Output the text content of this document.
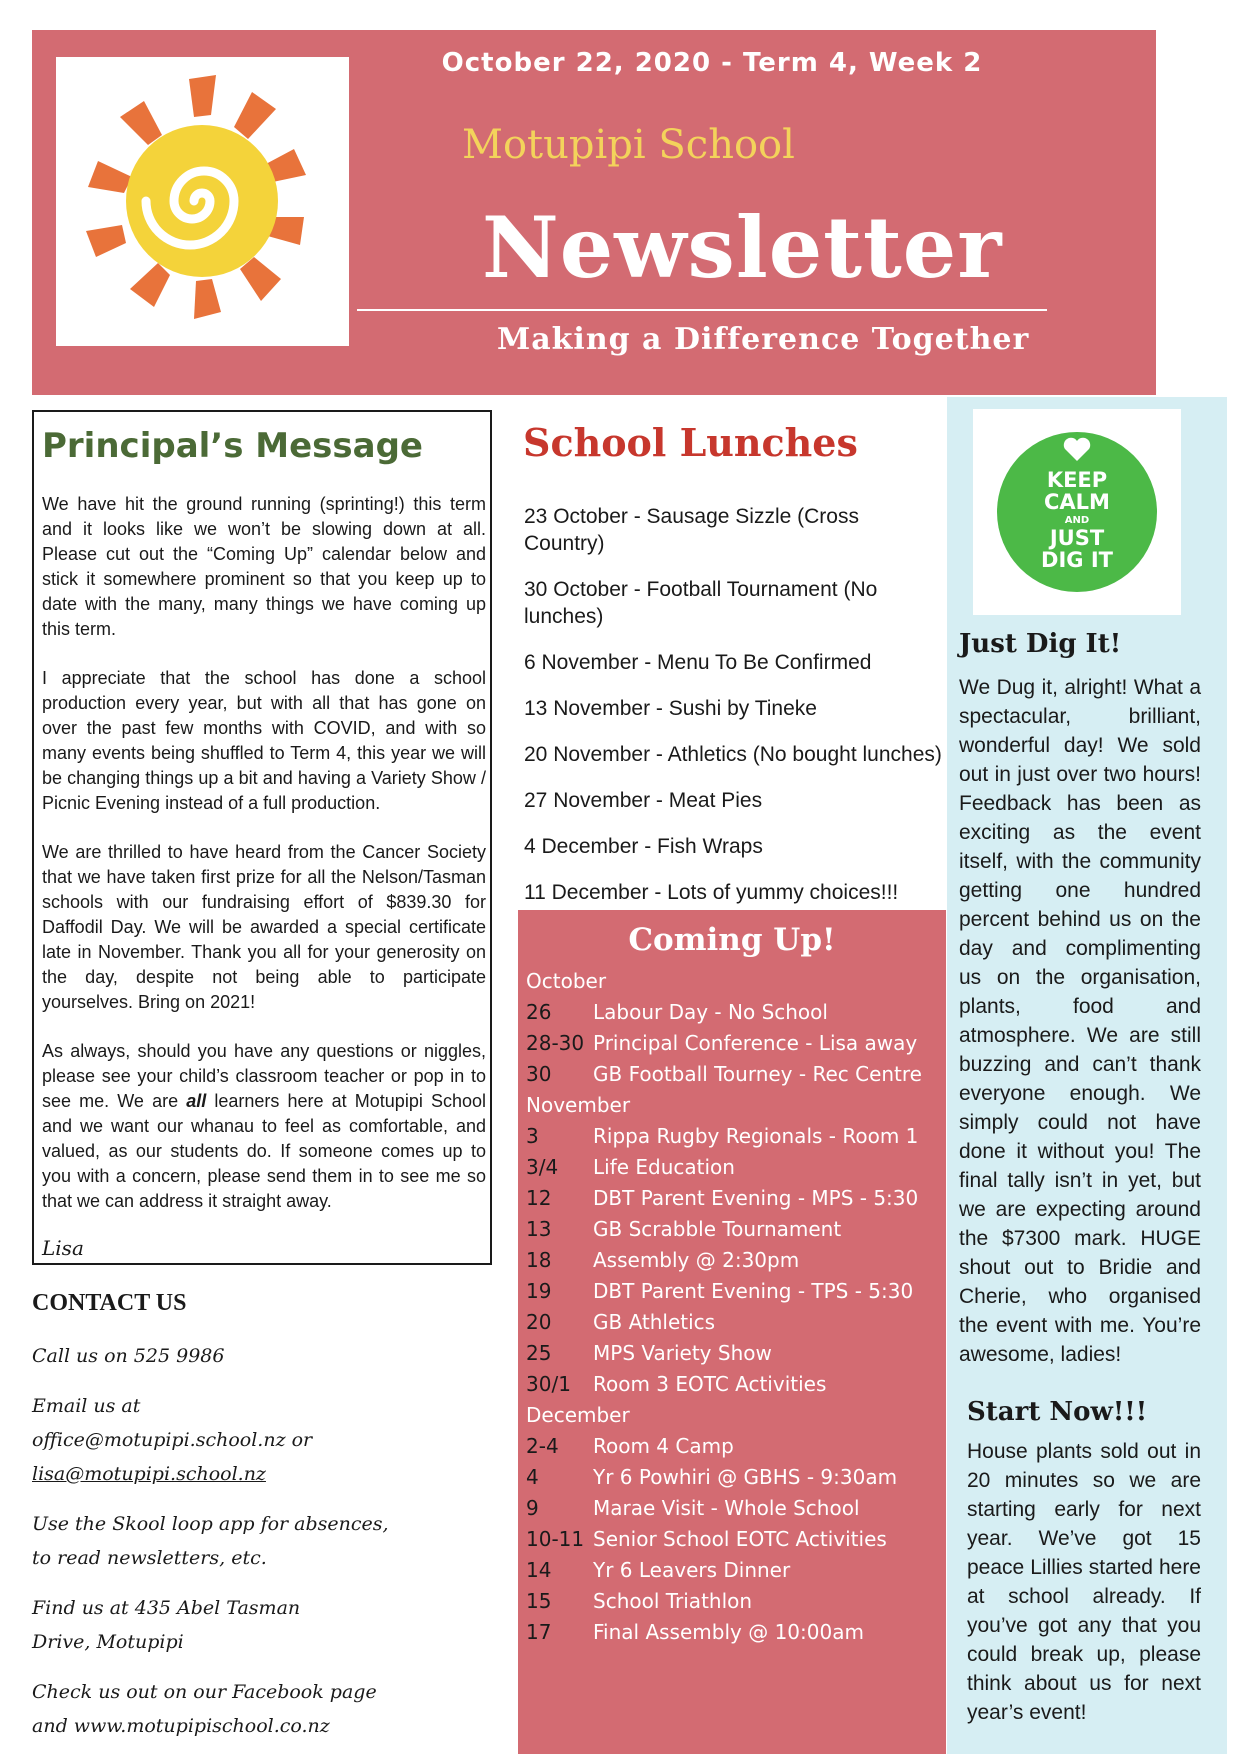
October 22, 2020 - Term 4, Week 2
Motupipi School
Newsletter
Making a Difference Together
Principal’s Message

We have hit the ground running (sprinting!) this term and it looks like we won’t be slowing down at all. Please cut out the “Coming Up” calendar below and stick it somewhere prominent so that you keep up to date with the many, many things we have coming up this term.

I appreciate that the school has done a school production every year, but with all that has gone on over the past few months with COVID, and with so many events being shuffled to Term 4, this year we will be changing things up a bit and having a Variety Show / Picnic Evening instead of a full production.

We are thrilled to have heard from the Cancer Society that we have taken first prize for all the Nelson/Tasman schools with our fundraising effort of $839.30 for Daffodil Day. We will be awarded a special certificate late in November. Thank you all for your generosity on the day, despite not being able to participate yourselves. Bring on 2021!

As always, should you have any questions or niggles, please see your child’s classroom teacher or pop in to see me. We are all learners here at Motupipi School and we want our whanau to feel as comfortable, and valued, as our students do. If someone comes up to you with a concern, please send them in to see me so that we can address it straight away.

Lisa
CONTACT US
Call us on 525 9986
Email us at
office@motupipi.school.nz or
lisa@motupipi.school.nz
Use the Skool loop app for absences,
to read newsletters, etc.
Find us at 435 Abel Tasman
Drive, Motupipi
Check us out on our Facebook page
and www.motupipischool.co.nz
School Lunches
23 October - Sausage Sizzle (Cross Country)
30 October - Football Tournament (No lunches)
6 November - Menu To Be Confirmed
13 November - Sushi by Tineke
20 November - Athletics (No bought lunches)
27 November - Meat Pies
4 December - Fish Wraps
11 December - Lots of yummy choices!!!
Coming Up!
October
26	Labour Day - No School
28-30 Principal Conference - Lisa away
30	GB Football Tourney - Rec Centre
November
3	Rippa Rugby Regionals - Room 1
3/4	Life Education
12	DBT Parent Evening - MPS - 5:30
13	GB Scrabble Tournament
18	Assembly @ 2:30pm
19	DBT Parent Evening - TPS - 5:30
20	GB Athletics
25	MPS Variety Show
30/1	Room 3 EOTC Activities
December
2-4	Room 4 Camp
4	Yr 6 Powhiri @ GBHS - 9:30am
9	Marae Visit - Whole School
10-11 Senior School EOTC Activities
14	Yr 6 Leavers Dinner
15	School Triathlon
17	Final Assembly @ 10:00am
KEEP
CALM
AND
JUST
DIG IT
Just Dig It!
We Dug it, alright! What a spectacular, brilliant, wonderful day! We sold out in just over two hours! Feedback has been as exciting as the event itself, with the community getting one hundred percent behind us on the day and complimenting us on the organisation, plants, food and atmosphere. We are still buzzing and can’t thank everyone enough. We simply could not have done it without you! The final tally isn’t in yet, but we are expecting around the $7300 mark. HUGE shout out to Bridie and Cherie, who organised the event with me. You’re awesome, ladies!
Start Now!!!
House plants sold out in 20 minutes so we are starting early for next year. We’ve got 15 peace Lillies started here at school already. If you’ve got any that you could break up, please think about us for next year’s event!
